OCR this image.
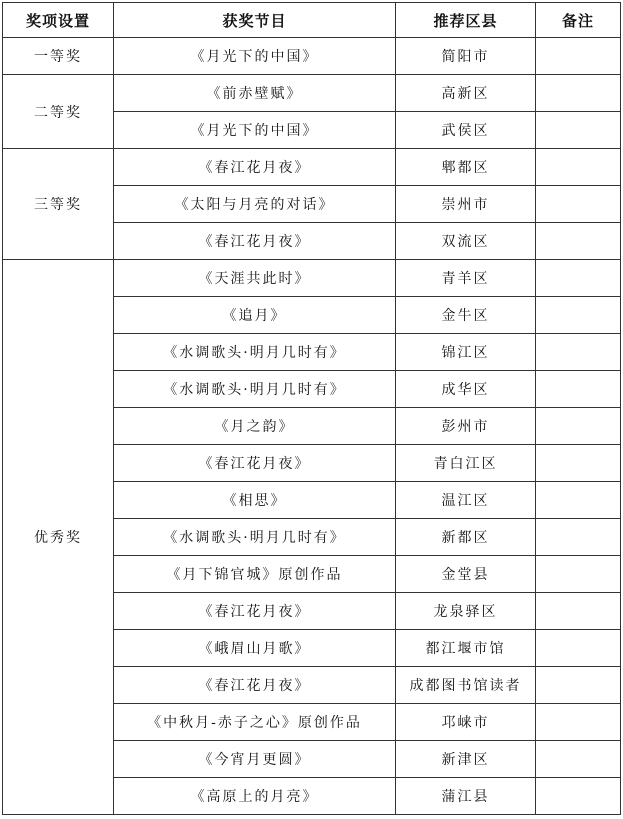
奖项设置	获奖节目	推荐区县	备注
一等奖	《月光下的中国》	简阳市	
二等奖	《前赤壁赋》	高新区	
	《月光下的中国》	武侯区	
三等奖	《春江花月夜》	郫都区	
	《太阳与月亮的对话》	崇州市	
	《春江花月夜》	双流区	
优秀奖	《天涯共此时》	青羊区	
	《追月》	金牛区	
	《水调歌头·明月几时有》	锦江区	
	《水调歌头·明月几时有》	成华区	
	《月之韵》	彭州市	
	《春江花月夜》	青白江区	
	《相思》	温江区	
	《水调歌头·明月几时有》	新都区	
	《月下锦官城》原创作品	金堂县	
	《春江花月夜》	龙泉驿区	
	《峨眉山月歌》	都江堰市馆	
	《春江花月夜》	成都图书馆读者	
	《中秋月-赤子之心》原创作品	邛崃市	
	《今宵月更圆》	新津区	
	《高原上的月亮》	蒲江县	
